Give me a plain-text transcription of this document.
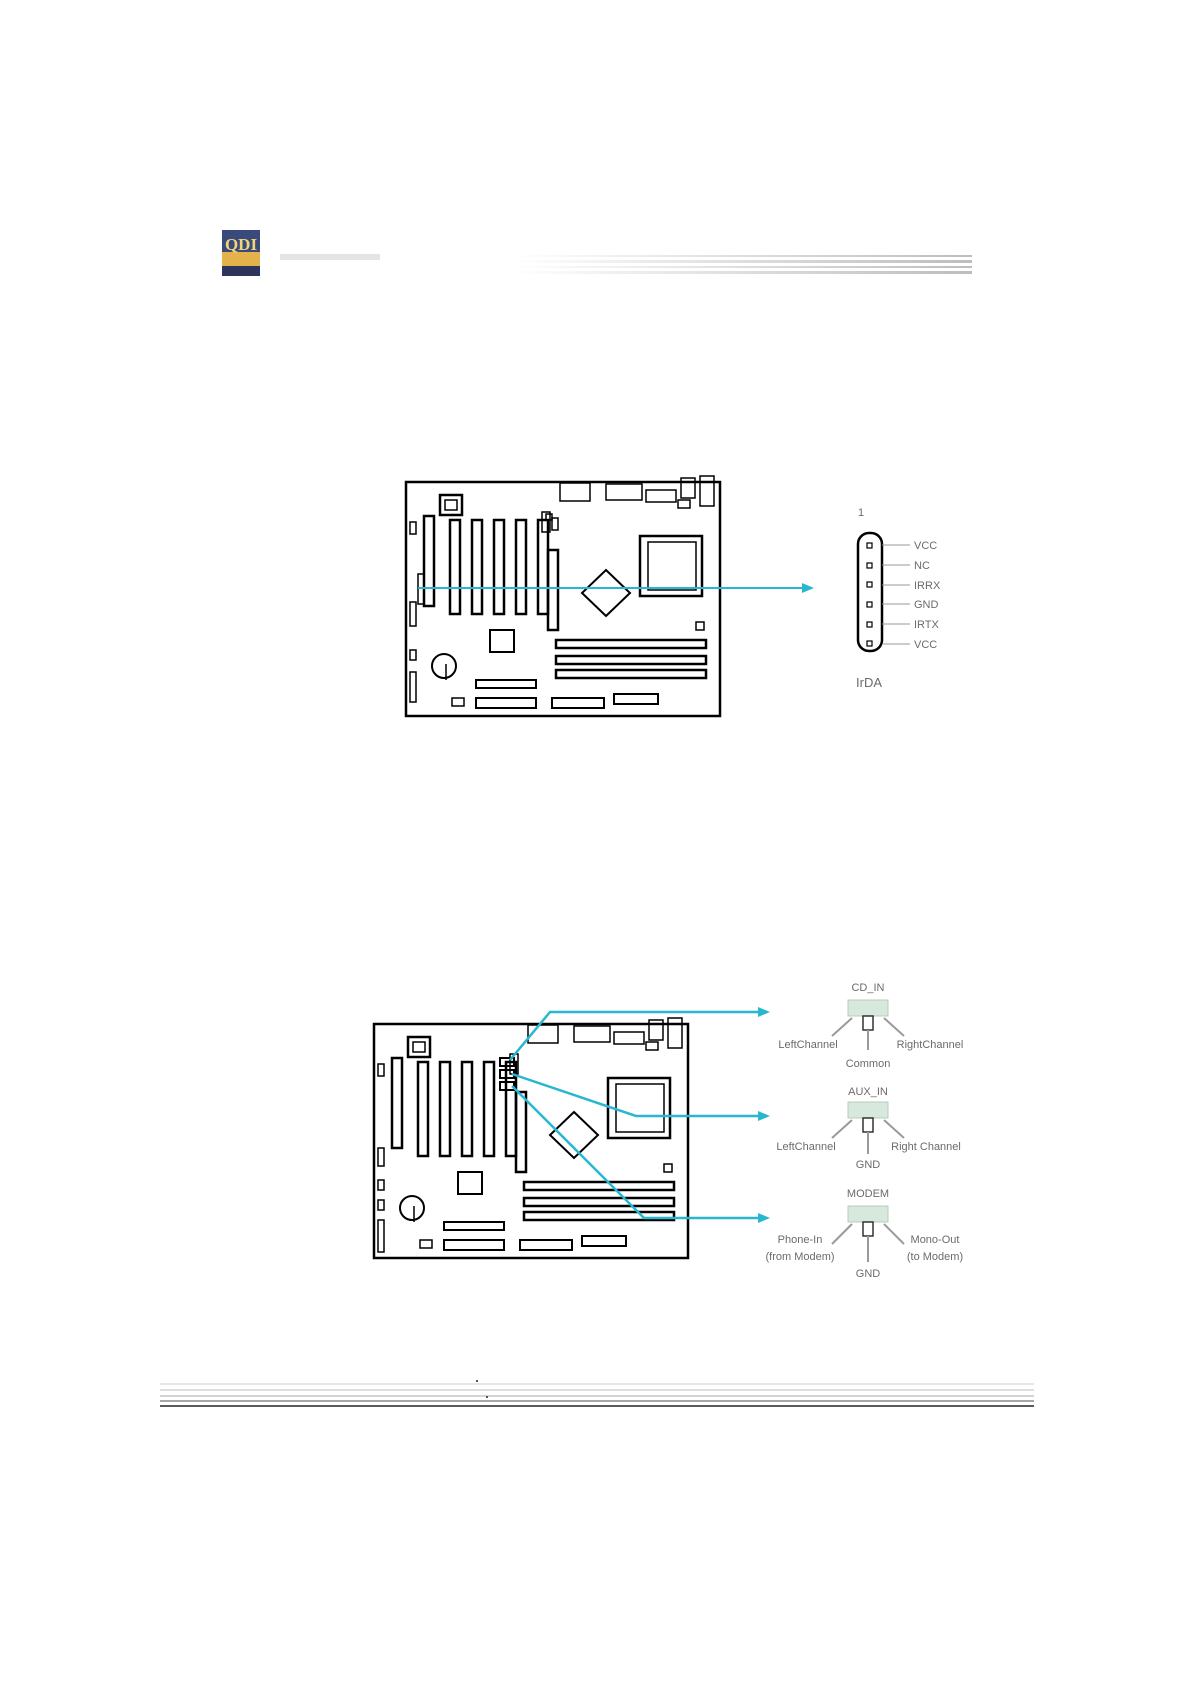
QDI
1
VCC
NC
IRRX
GND
IRTX
VCC
IrDA
CD_IN
LeftChannel	RightChannel
Common
AUX_IN
LeftChannel	Right Channel
GND
MODEM
Phone-In
(from Modem)
Mono-Out
(to Modem)
GND
